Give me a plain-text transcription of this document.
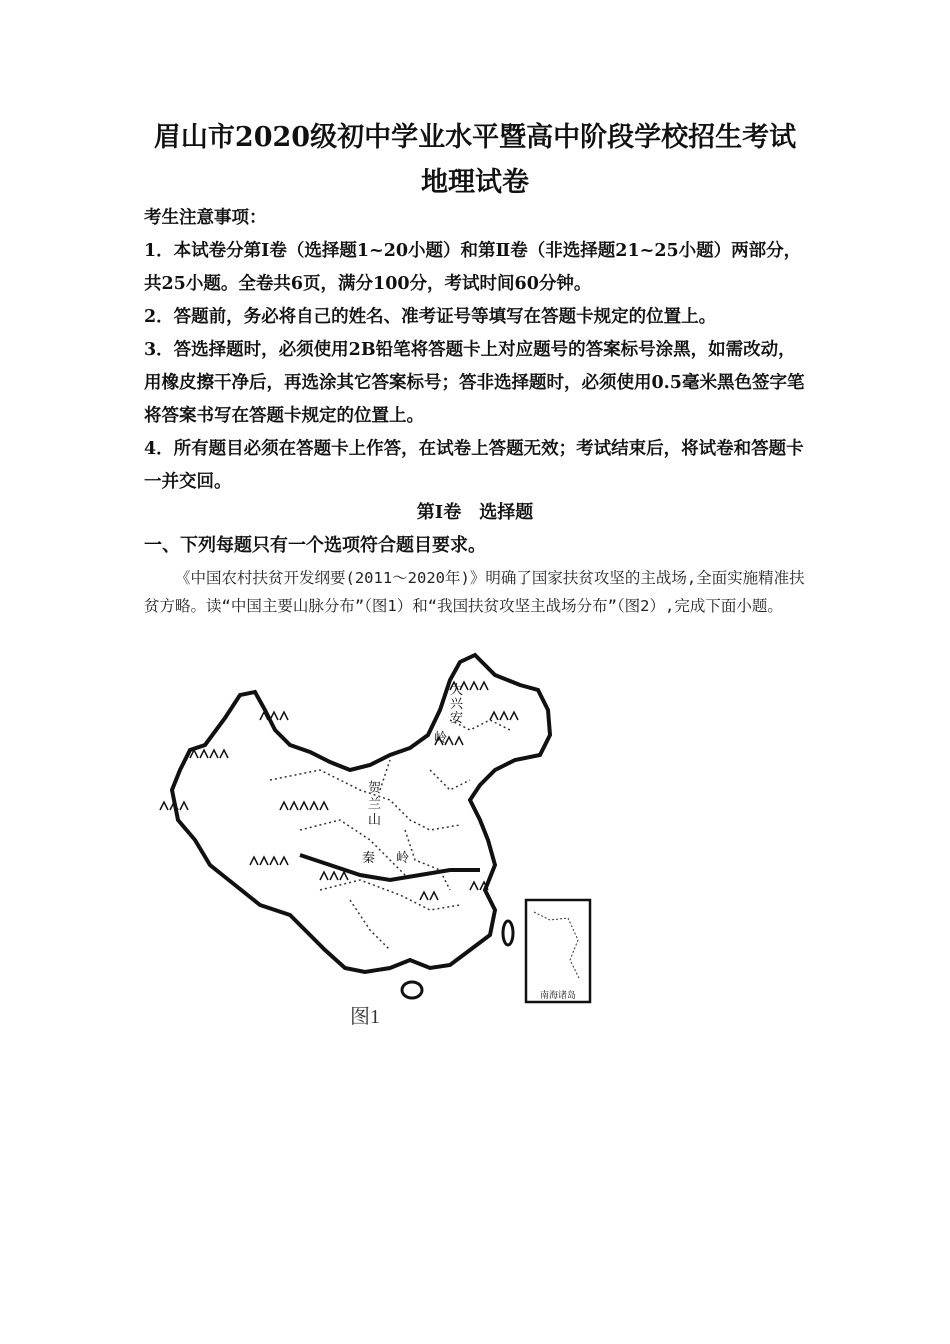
眉山市2020级初中学业水平暨高中阶段学校招生考试
地理试卷

考生注意事项：

1．本试卷分第Ⅰ卷（选择题1~20小题）和第Ⅱ卷（非选择题21~25小题）两部分，共25小题。全卷共6页，满分100分，考试时间60分钟。

2．答题前，务必将自己的姓名、准考证号等填写在答题卡规定的位置上。

3．答选择题时，必须使用2B铅笔将答题卡上对应题号的答案标号涂黑，如需改动，用橡皮擦干净后，再选涂其它答案标号；答非选择题时，必须使用0.5毫米黑色签字笔将答案书写在答题卡规定的位置上。

4．所有题目必须在答题卡上作答，在试卷上答题无效；考试结束后，将试卷和答题卡一并交回。

第Ⅰ卷　选择题
一、下列每题只有一个选项符合题目要求。
《中国农村扶贫开发纲要(2011～2020年)》明确了国家扶贫攻坚的主战场,全面实施精准扶贫方略。读“中国主要山脉分布”（图1）和“我国扶贫攻坚主战场分布”（图2）,完成下面小题。
南海诸岛
大
兴
安
岭
贺
兰
山
秦 岭
图1
